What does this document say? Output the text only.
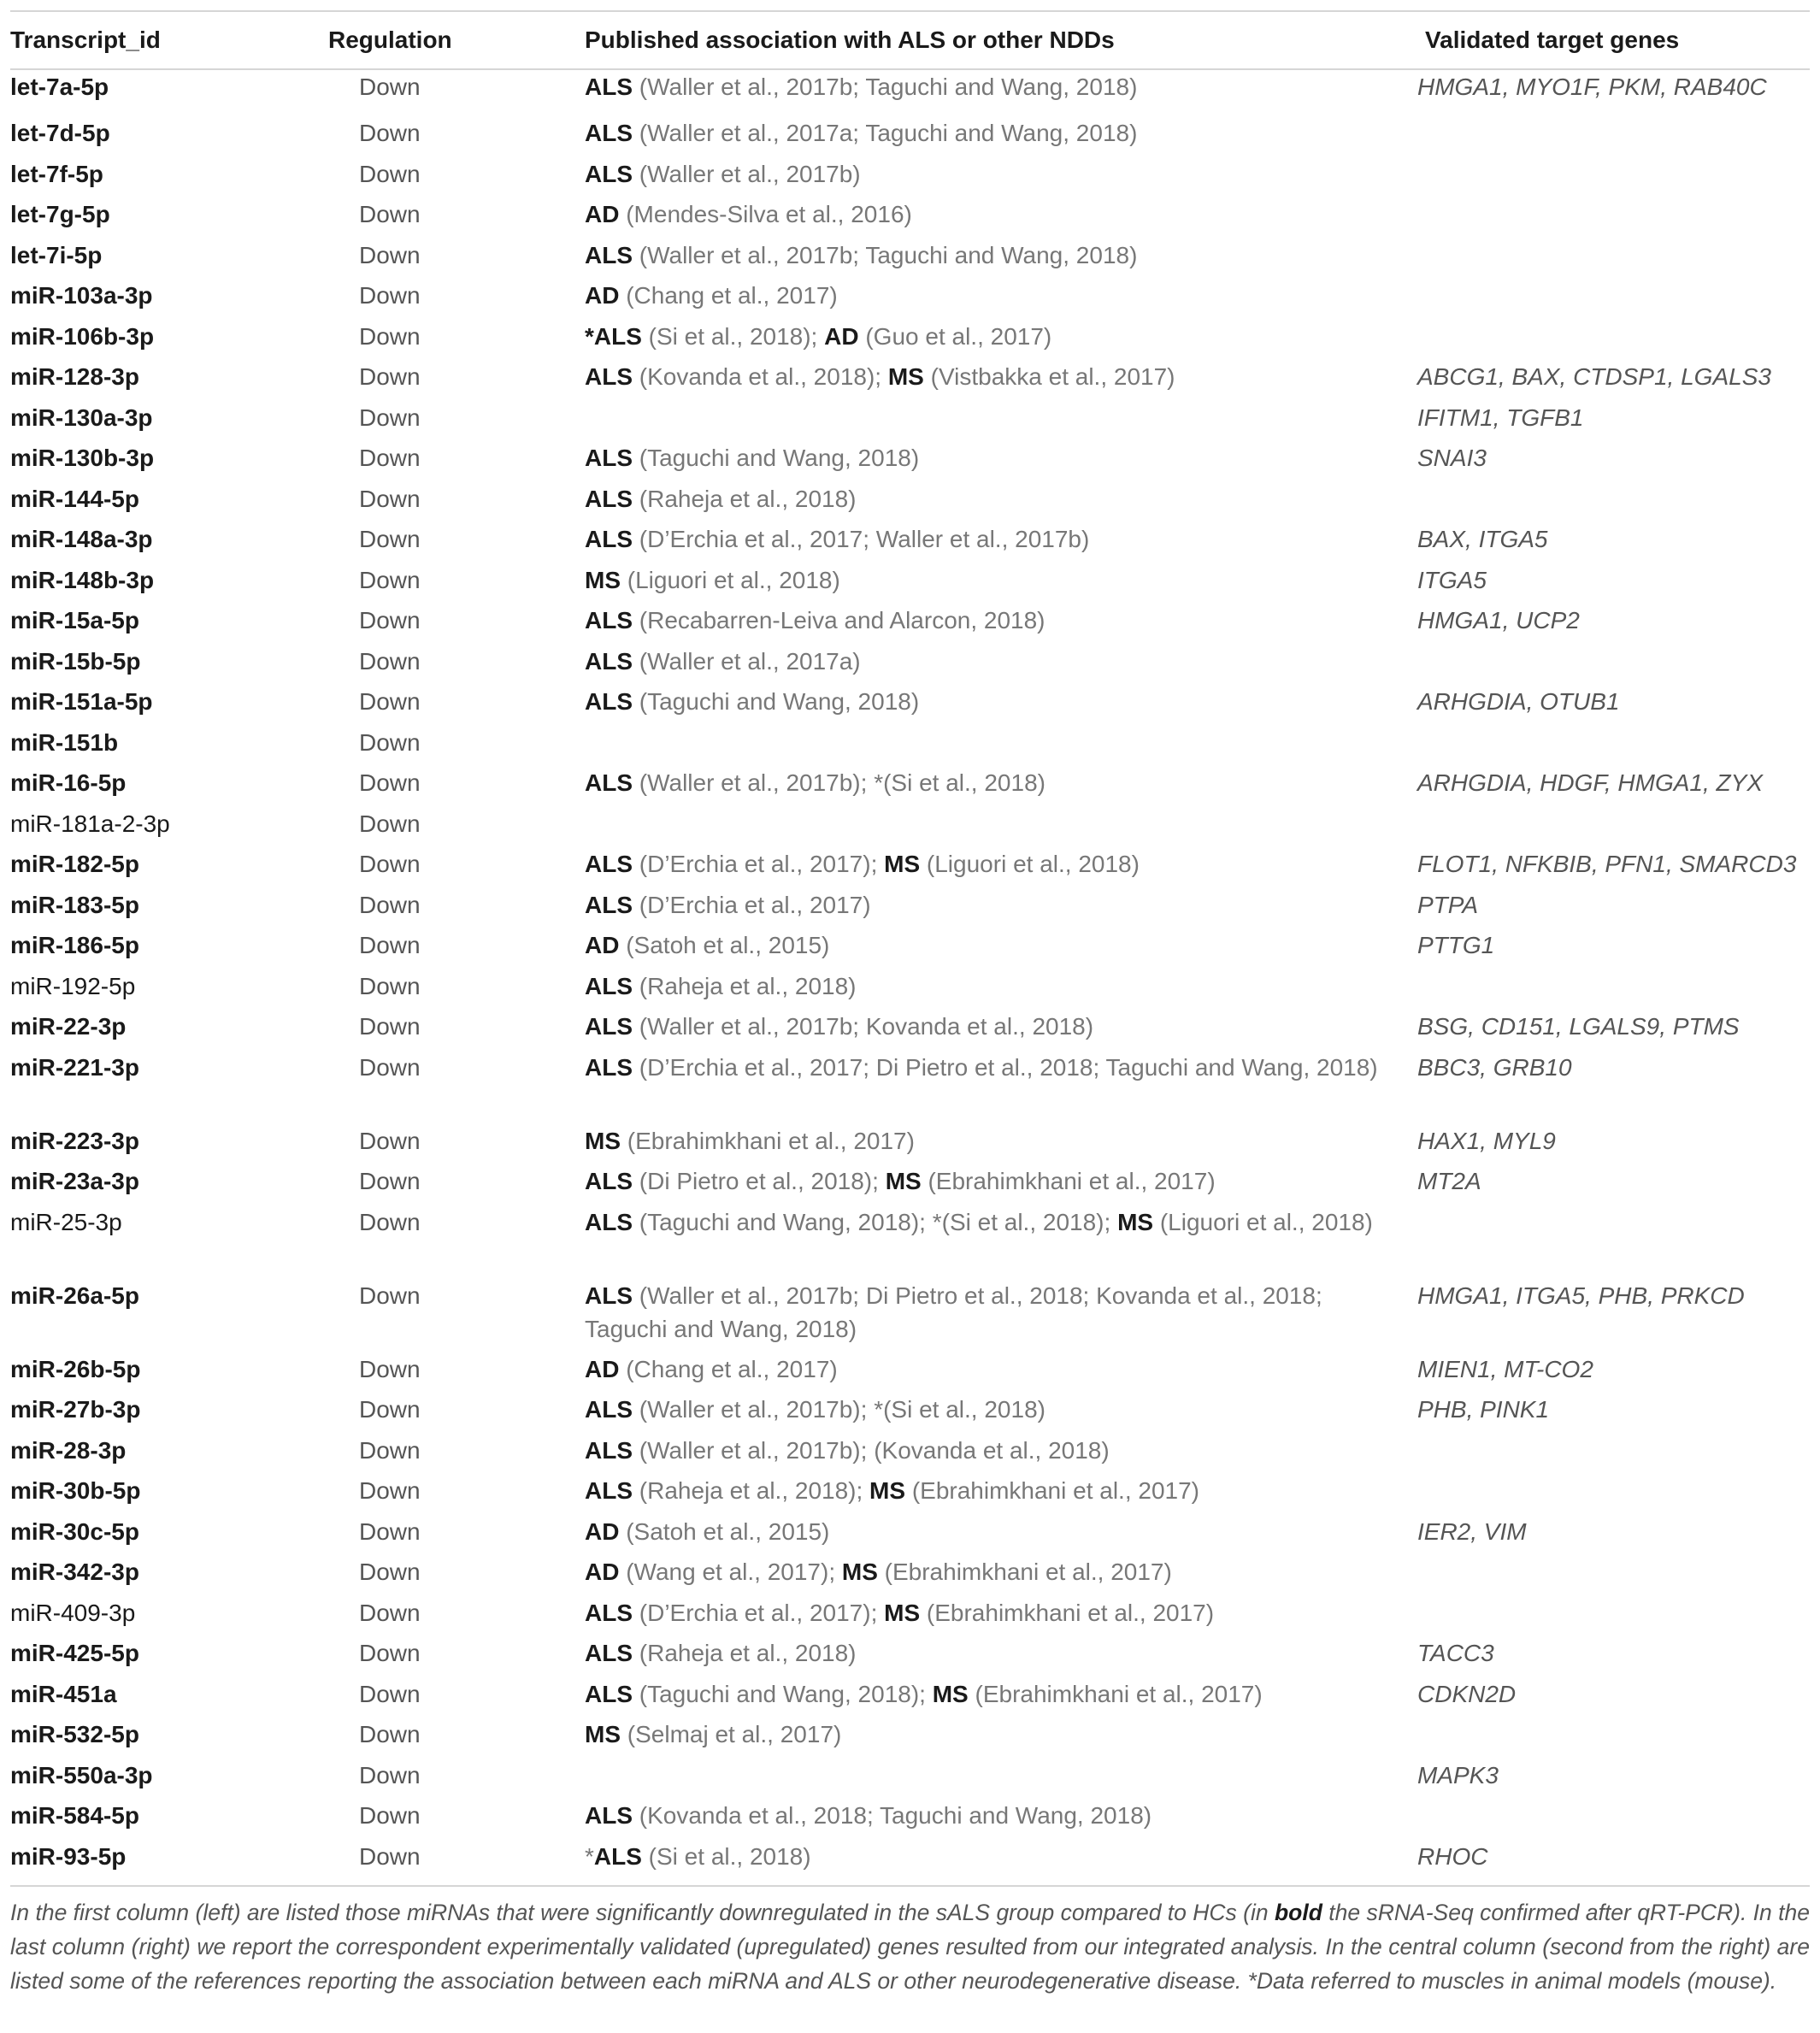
Transcript_id	Regulation	Published association with ALS or other NDDs	Validated target genes
let-7a-5p	Down	ALS (Waller et al., 2017b; Taguchi and Wang, 2018)	HMGA1, MYO1F, PKM, RAB40C
let-7d-5p	Down	ALS (Waller et al., 2017a; Taguchi and Wang, 2018)	
let-7f-5p	Down	ALS (Waller et al., 2017b)	
let-7g-5p	Down	AD (Mendes-Silva et al., 2016)	
let-7i-5p	Down	ALS (Waller et al., 2017b; Taguchi and Wang, 2018)	
miR-103a-3p	Down	AD (Chang et al., 2017)	
miR-106b-3p	Down	*ALS (Si et al., 2018); AD (Guo et al., 2017)	
miR-128-3p	Down	ALS (Kovanda et al., 2018); MS (Vistbakka et al., 2017)	ABCG1, BAX, CTDSP1, LGALS3
miR-130a-3p	Down		IFITM1, TGFB1
miR-130b-3p	Down	ALS (Taguchi and Wang, 2018)	SNAI3
miR-144-5p	Down	ALS (Raheja et al., 2018)	
miR-148a-3p	Down	ALS (D’Erchia et al., 2017; Waller et al., 2017b)	BAX, ITGA5
miR-148b-3p	Down	MS (Liguori et al., 2018)	ITGA5
miR-15a-5p	Down	ALS (Recabarren-Leiva and Alarcon, 2018)	HMGA1, UCP2
miR-15b-5p	Down	ALS (Waller et al., 2017a)	
miR-151a-5p	Down	ALS (Taguchi and Wang, 2018)	ARHGDIA, OTUB1
miR-151b	Down		
miR-16-5p	Down	ALS (Waller et al., 2017b); *(Si et al., 2018)	ARHGDIA, HDGF, HMGA1, ZYX
miR-181a-2-3p	Down		
miR-182-5p	Down	ALS (D’Erchia et al., 2017); MS (Liguori et al., 2018)	FLOT1, NFKBIB, PFN1, SMARCD3
miR-183-5p	Down	ALS (D’Erchia et al., 2017)	PTPA
miR-186-5p	Down	AD (Satoh et al., 2015)	PTTG1
miR-192-5p	Down	ALS (Raheja et al., 2018)	
miR-22-3p	Down	ALS (Waller et al., 2017b; Kovanda et al., 2018)	BSG, CD151, LGALS9, PTMS
miR-221-3p	Down	ALS (D’Erchia et al., 2017; Di Pietro et al., 2018; Taguchi and Wang, 2018)	BBC3, GRB10
miR-223-3p	Down	MS (Ebrahimkhani et al., 2017)	HAX1, MYL9
miR-23a-3p	Down	ALS (Di Pietro et al., 2018); MS (Ebrahimkhani et al., 2017)	MT2A
miR-25-3p	Down	ALS (Taguchi and Wang, 2018); *(Si et al., 2018); MS (Liguori et al., 2018)	
miR-26a-5p	Down	ALS (Waller et al., 2017b; Di Pietro et al., 2018; Kovanda et al., 2018; Taguchi and Wang, 2018)	HMGA1, ITGA5, PHB, PRKCD
miR-26b-5p	Down	AD (Chang et al., 2017)	MIEN1, MT-CO2
miR-27b-3p	Down	ALS (Waller et al., 2017b); *(Si et al., 2018)	PHB, PINK1
miR-28-3p	Down	ALS (Waller et al., 2017b); (Kovanda et al., 2018)	
miR-30b-5p	Down	ALS (Raheja et al., 2018); MS (Ebrahimkhani et al., 2017)	
miR-30c-5p	Down	AD (Satoh et al., 2015)	IER2, VIM
miR-342-3p	Down	AD (Wang et al., 2017); MS (Ebrahimkhani et al., 2017)	
miR-409-3p	Down	ALS (D’Erchia et al., 2017); MS (Ebrahimkhani et al., 2017)	
miR-425-5p	Down	ALS (Raheja et al., 2018)	TACC3
miR-451a	Down	ALS (Taguchi and Wang, 2018); MS (Ebrahimkhani et al., 2017)	CDKN2D
miR-532-5p	Down	MS (Selmaj et al., 2017)	
miR-550a-3p	Down		MAPK3
miR-584-5p	Down	ALS (Kovanda et al., 2018; Taguchi and Wang, 2018)	
miR-93-5p	Down	*ALS (Si et al., 2018)	RHOC
In the first column (left) are listed those miRNAs that were significantly downregulated in the sALS group compared to HCs (in bold the sRNA-Seq confirmed after qRT-PCR). In the last column (right) we report the correspondent experimentally validated (upregulated) genes resulted from our integrated analysis. In the central column (second from the right) are listed some of the references reporting the association between each miRNA and ALS or other neurodegenerative disease. *Data referred to muscles in animal models (mouse).
